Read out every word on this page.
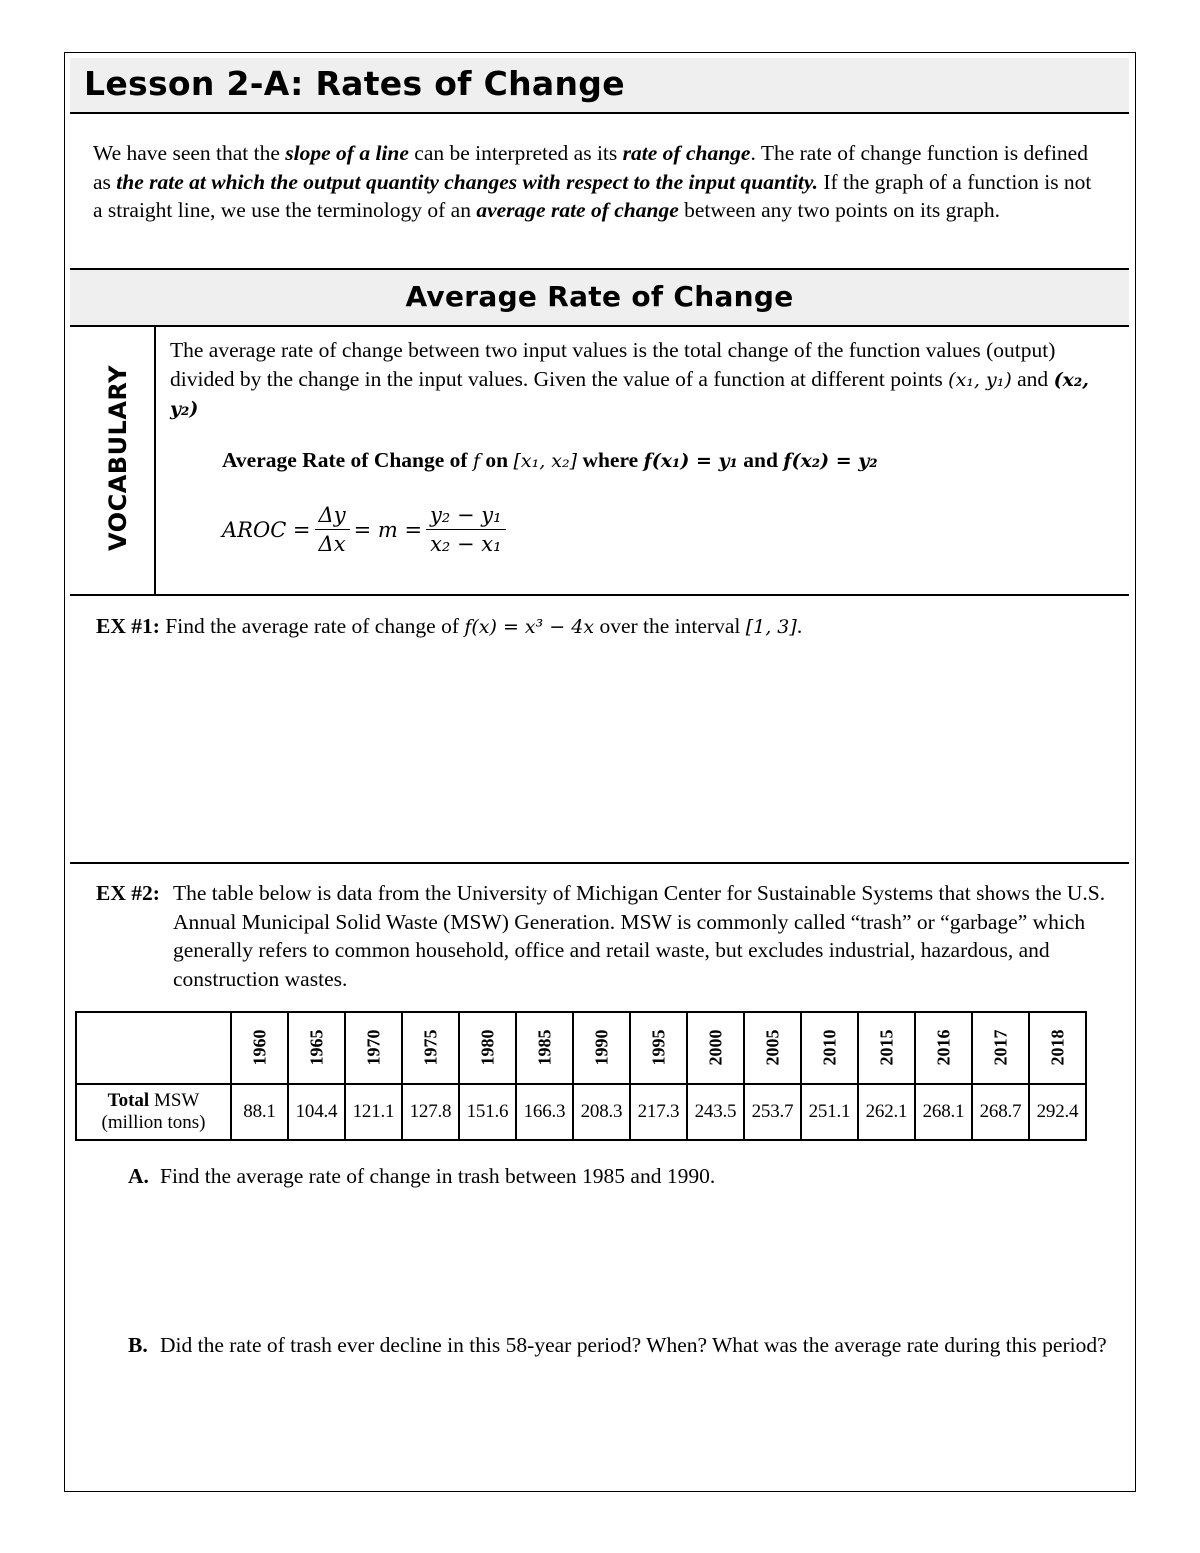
Lesson 2-A: Rates of Change
We have seen that the slope of a line can be interpreted as its rate of change. The rate of change function is defined as the rate at which the output quantity changes with respect to the input quantity. If the graph of a function is not a straight line, we use the terminology of an average rate of change between any two points on its graph.
Average Rate of Change
VOCABULARY
The average rate of change between two input values is the total change of the function values (output) divided by the change in the input values. Given the value of a function at different points (x₁, y₁) and (x₂, y₂)
Average Rate of Change of f on [x₁, x₂] where f(x₁) = y₁ and f(x₂) = y₂
AROC = $\frac{\Delta y}{\Delta x} = m = \frac{\text{y₂ − y₁}}{\text{x₂ − x₁}}$
EX #1: Find the average rate of change of f(x) = x³ − 4x over the interval [1, 3].
EX #2: The table below is data from the University of Michigan Center for Sustainable Systems that shows the U.S. Annual Municipal Solid Waste (MSW) Generation. MSW is commonly called “trash” or “garbage” which generally refers to common household, office and retail waste, but excludes industrial, hazardous, and construction wastes.
	1960	1965	1970	1975	1980	1985	1990	1995	2000	2005	2010	2015	2016	2017	2018
Total MSW
(million tons)	88.1	104.4	121.1	127.8	151.6	166.3	208.3	217.3	243.5	253.7	251.1	262.1	268.1	268.7	292.4
A. Find the average rate of change in trash between 1985 and 1990.
B. Did the rate of trash ever decline in this 58-year period? When? What was the average rate during this period?
